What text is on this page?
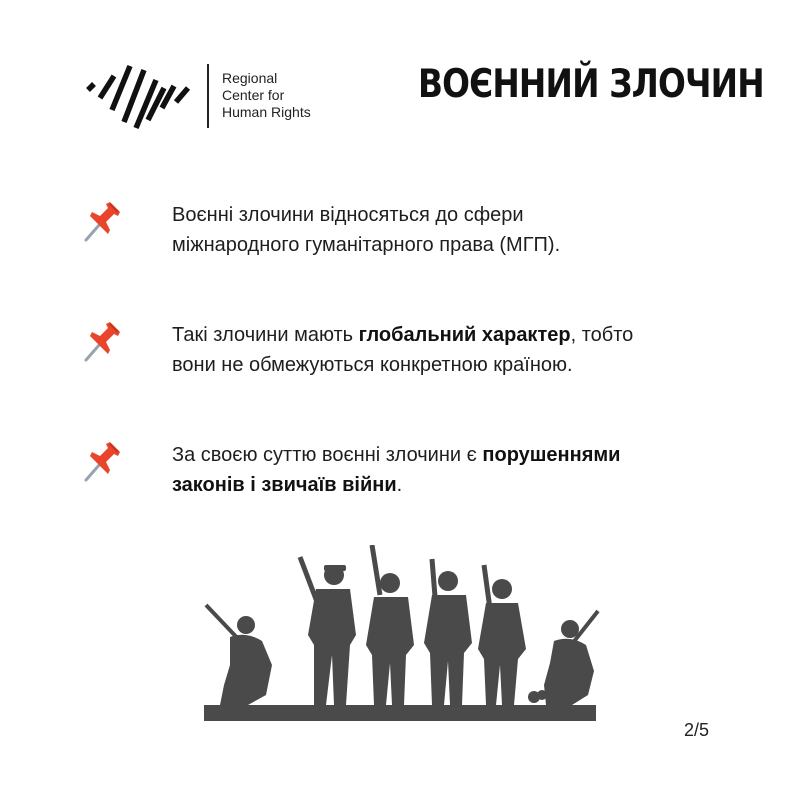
Regional
Center for
Human Rights
ВОЄННИЙ ЗЛОЧИН
Воєнні злочини відносяться до сфери
міжнародного гуманітарного права (МГП).
Такі злочини мають глобальний характер, тобто
вони не обмежуються конкретною країною.
За своєю суттю воєнні злочини є порушеннями
законів і звичаїв війни.
2/5
